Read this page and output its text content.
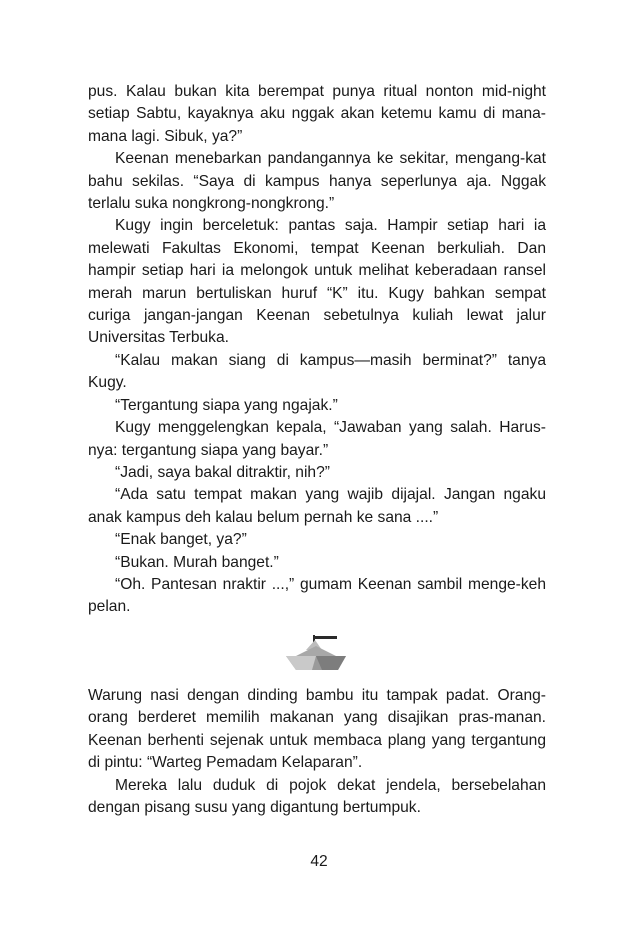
pus. Kalau bukan kita berempat punya ritual nonton mid-night setiap Sabtu, kayaknya aku nggak akan ketemu kamu di mana-mana lagi. Sibuk, ya?”

Keenan menebarkan pandangannya ke sekitar, mengang-kat bahu sekilas. “Saya di kampus hanya seperlunya aja. Nggak terlalu suka nongkrong-nongkrong.”

Kugy ingin berceletuk: pantas saja. Hampir setiap hari ia melewati Fakultas Ekonomi, tempat Keenan berkuliah. Dan hampir setiap hari ia melongok untuk melihat keberadaan ransel merah marun bertuliskan huruf “K” itu. Kugy bahkan sempat curiga jangan-jangan Keenan sebetulnya kuliah lewat jalur Universitas Terbuka.

“Kalau makan siang di kampus—masih berminat?” tanya Kugy.

“Tergantung siapa yang ngajak.”

Kugy menggelengkan kepala, “Jawaban yang salah. Harus-nya: tergantung siapa yang bayar.”

“Jadi, saya bakal ditraktir, nih?”

“Ada satu tempat makan yang wajib dijajal. Jangan ngaku anak kampus deh kalau belum pernah ke sana ....”

“Enak banget, ya?”

“Bukan. Murah banget.”

“Oh. Pantesan nraktir ...,” gumam Keenan sambil menge-keh pelan.

Warung nasi dengan dinding bambu itu tampak padat. Orang-orang berderet memilih makanan yang disajikan pras-manan. Keenan berhenti sejenak untuk membaca plang yang tergantung di pintu: “Warteg Pemadam Kelaparan”.

Mereka lalu duduk di pojok dekat jendela, bersebelahan dengan pisang susu yang digantung bertumpuk.

42
